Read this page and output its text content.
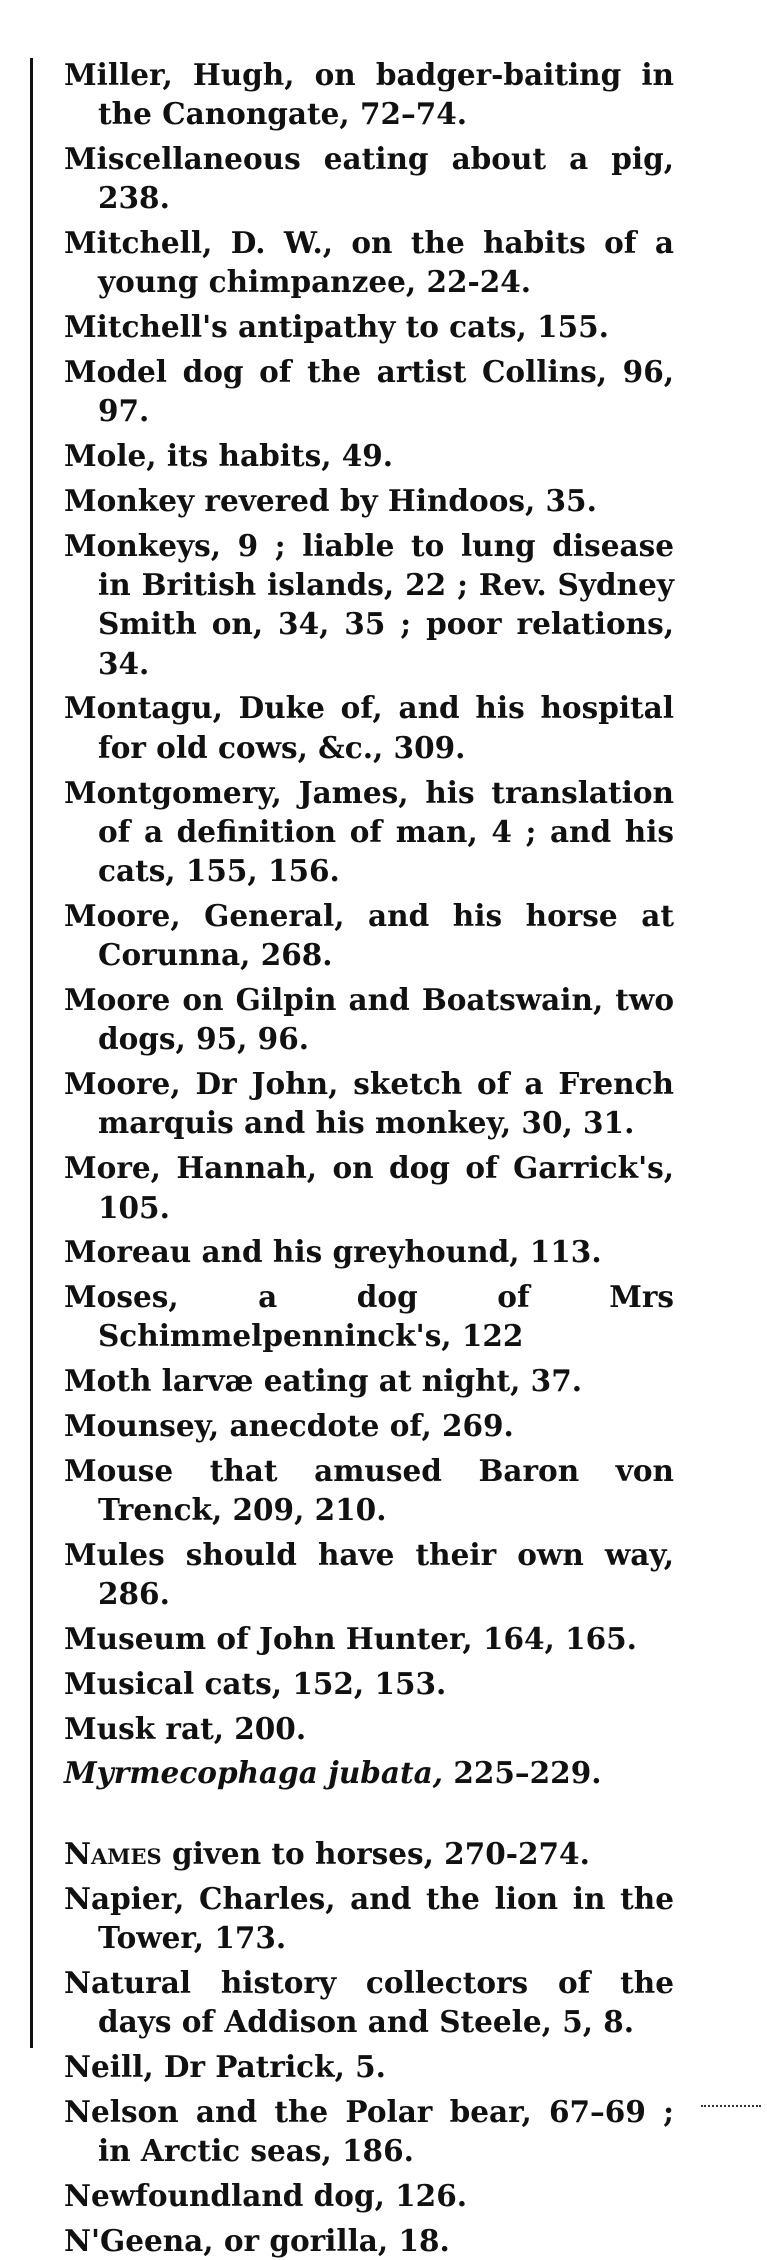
Miller, Hugh, on badger-baiting in the Canongate, 72–74.
Miscellaneous eating about a pig, 238.
Mitchell, D. W., on the habits of a young chimpanzee, 22-24.
Mitchell's antipathy to cats, 155.
Model dog of the artist Collins, 96, 97.
Mole, its habits, 49.
Monkey revered by Hindoos, 35.
Monkeys, 9 ; liable to lung disease in British islands, 22 ; Rev. Sydney Smith on, 34, 35 ; poor relations, 34.
Montagu, Duke of, and his hospital for old cows, &c., 309.
Montgomery, James, his translation of a definition of man, 4 ; and his cats, 155, 156.
Moore, General, and his horse at Corunna, 268.
Moore on Gilpin and Boatswain, two dogs, 95, 96.
Moore, Dr John, sketch of a French marquis and his monkey, 30, 31.
More, Hannah, on dog of Garrick's, 105.
Moreau and his greyhound, 113.
Moses, a dog of Mrs Schimmelpenninck's, 122
Moth larvæ eating at night, 37.
Mounsey, anecdote of, 269.
Mouse that amused Baron von Trenck, 209, 210.
Mules should have their own way, 286.
Museum of John Hunter, 164, 165.
Musical cats, 152, 153.
Musk rat, 200.
Myrmecophaga jubata, 225–229.
Names given to horses, 270-274.
Napier, Charles, and the lion in the Tower, 173.
Natural history collectors of the days of Addison and Steele, 5, 8.
Neill, Dr Patrick, 5.
Nelson and the Polar bear, 67–69 ; in Arctic seas, 186.
Newfoundland dog, 126.
N'Geena, or gorilla, 18.
